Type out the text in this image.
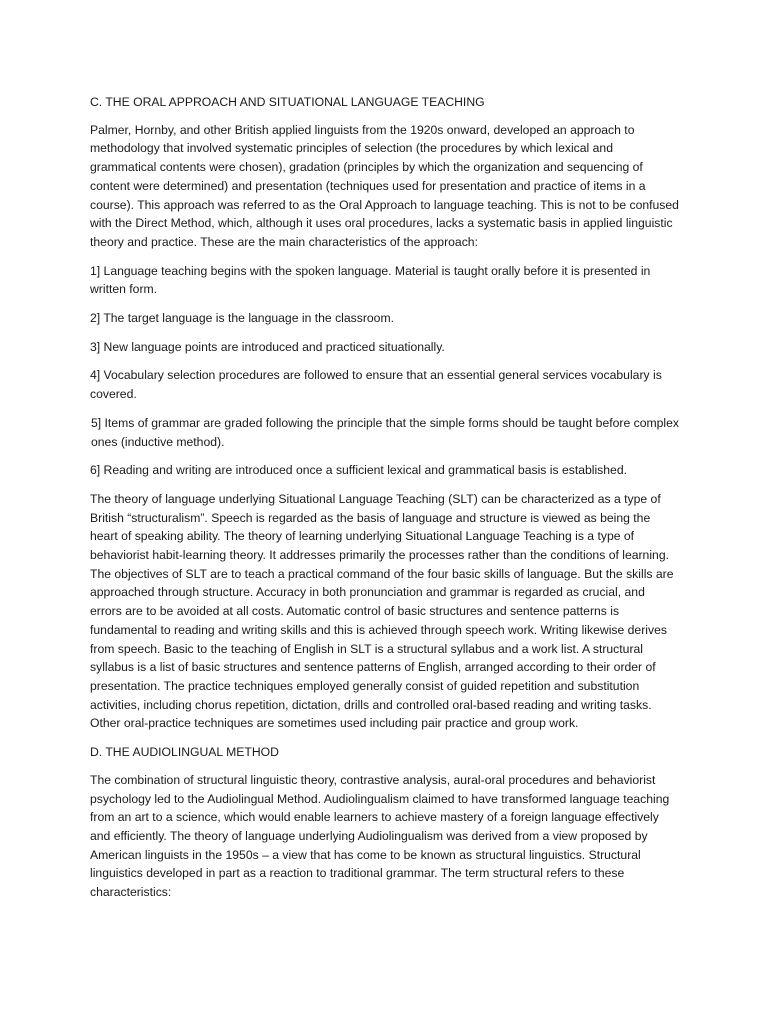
C. THE ORAL APPROACH AND SITUATIONAL LANGUAGE TEACHING

Palmer, Hornby, and other British applied linguists from the 1920s onward, developed an approach to methodology that involved systematic principles of selection (the procedures by which lexical and grammatical contents were chosen), gradation (principles by which the organization and sequencing of content were determined) and presentation (techniques used for presentation and practice of items in a course). This approach was referred to as the Oral Approach to language teaching. This is not to be confused with the Direct Method, which, although it uses oral procedures, lacks a systematic basis in applied linguistic theory and practice. These are the main characteristics of the approach:

1] Language teaching begins with the spoken language. Material is taught orally before it is presented in written form.

2] The target language is the language in the classroom.

3] New language points are introduced and practiced situationally.

4] Vocabulary selection procedures are followed to ensure that an essential general services vocabulary is covered.

5] Items of grammar are graded following the principle that the simple forms should be taught before complex ones (inductive method).

6] Reading and writing are introduced once a sufficient lexical and grammatical basis is established.

The theory of language underlying Situational Language Teaching (SLT) can be characterized as a type of British “structuralism”. Speech is regarded as the basis of language and structure is viewed as being the heart of speaking ability. The theory of learning underlying Situational Language Teaching is a type of behaviorist habit-learning theory. It addresses primarily the processes rather than the conditions of learning. The objectives of SLT are to teach a practical command of the four basic skills of language. But the skills are approached through structure. Accuracy in both pronunciation and grammar is regarded as crucial, and errors are to be avoided at all costs. Automatic control of basic structures and sentence patterns is fundamental to reading and writing skills and this is achieved through speech work. Writing likewise derives from speech. Basic to the teaching of English in SLT is a structural syllabus and a work list. A structural syllabus is a list of basic structures and sentence patterns of English, arranged according to their order of presentation. The practice techniques employed generally consist of guided repetition and substitution activities, including chorus repetition, dictation, drills and controlled oral-based reading and writing tasks. Other oral-practice techniques are sometimes used including pair practice and group work.

D. THE AUDIOLINGUAL METHOD

The combination of structural linguistic theory, contrastive analysis, aural-oral procedures and behaviorist psychology led to the Audiolingual Method. Audiolingualism claimed to have transformed language teaching from an art to a science, which would enable learners to achieve mastery of a foreign language effectively and efficiently. The theory of language underlying Audiolingualism was derived from a view proposed by American linguists in the 1950s – a view that has come to be known as structural linguistics. Structural linguistics developed in part as a reaction to traditional grammar. The term structural refers to these characteristics:
